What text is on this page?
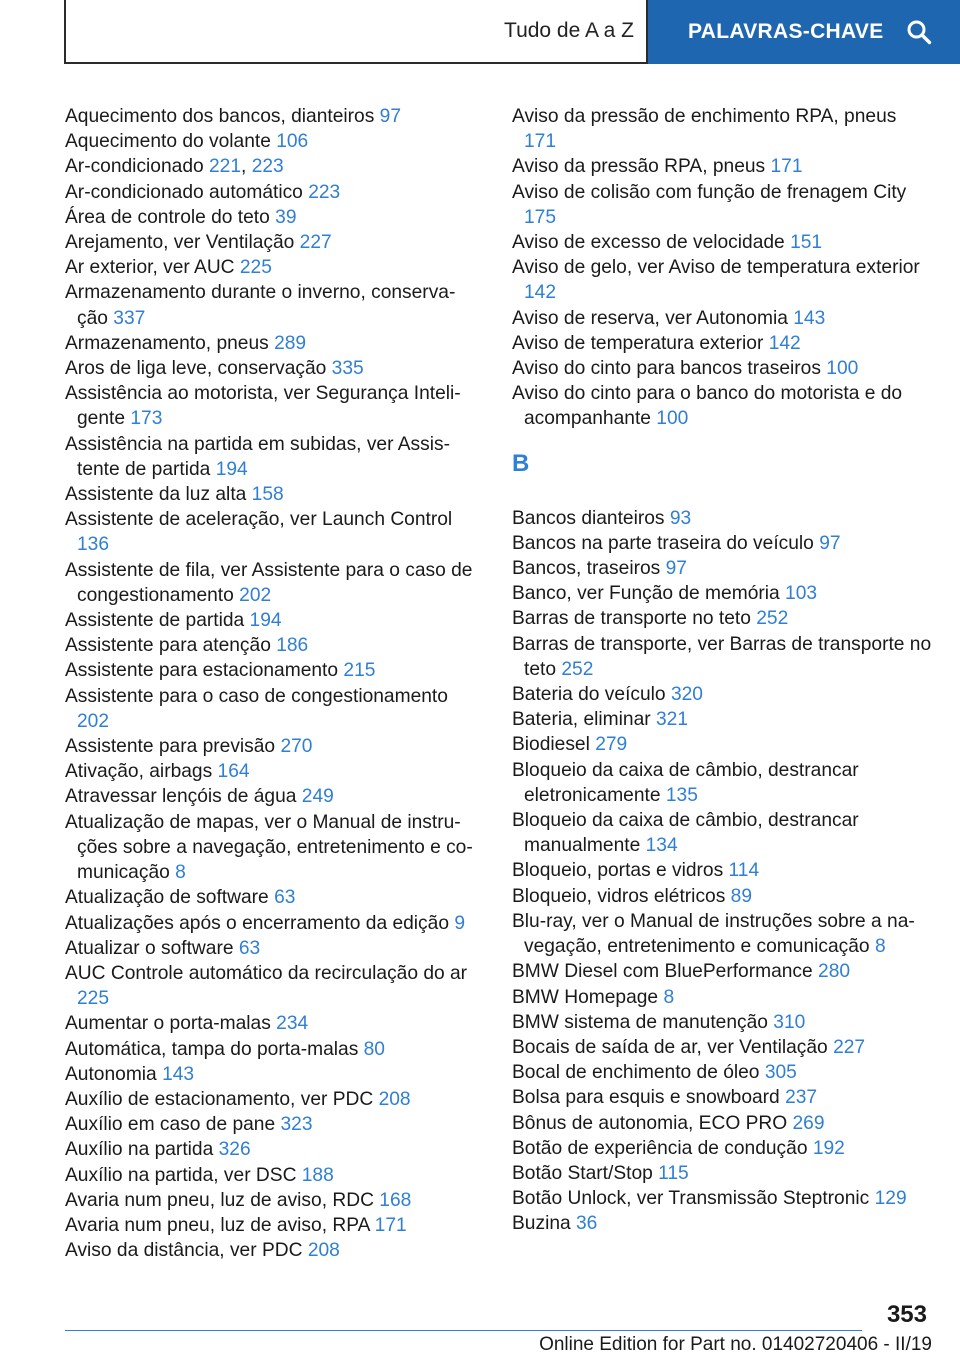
Tudo de A a Z	PALAVRAS-CHAVE
Aquecimento dos bancos, dianteiros 97
Aquecimento do volante 106
Ar-condicionado 221, 223
Ar-condicionado automático 223
Área de controle do teto 39
Arejamento, ver Ventilação 227
Ar exterior, ver AUC 225
Armazenamento durante o inverno, conservação 337
Armazenamento, pneus 289
Aros de liga leve, conservação 335
Assistência ao motorista, ver Segurança Inteligente 173
Assistência na partida em subidas, ver Assistente de partida 194
Assistente da luz alta 158
Assistente de aceleração, ver Launch Control 136
Assistente de fila, ver Assistente para o caso de congestionamento 202
Assistente de partida 194
Assistente para atenção 186
Assistente para estacionamento 215
Assistente para o caso de congestionamento 202
Assistente para previsão 270
Ativação, airbags 164
Atravessar lençóis de água 249
Atualização de mapas, ver o Manual de instruções sobre a navegação, entretenimento e comunicação 8
Atualização de software 63
Atualizações após o encerramento da edição 9
Atualizar o software 63
AUC Controle automático da recirculação do ar 225
Aumentar o porta-malas 234
Automática, tampa do porta-malas 80
Autonomia 143
Auxílio de estacionamento, ver PDC 208
Auxílio em caso de pane 323
Auxílio na partida 326
Auxílio na partida, ver DSC 188
Avaria num pneu, luz de aviso, RDC 168
Avaria num pneu, luz de aviso, RPA 171
Aviso da distância, ver PDC 208
Aviso da pressão de enchimento RPA, pneus 171
Aviso da pressão RPA, pneus 171
Aviso de colisão com função de frenagem City 175
Aviso de excesso de velocidade 151
Aviso de gelo, ver Aviso de temperatura exterior 142
Aviso de reserva, ver Autonomia 143
Aviso de temperatura exterior 142
Aviso do cinto para bancos traseiros 100
Aviso do cinto para o banco do motorista e do acompanhante 100
B
Bancos dianteiros 93
Bancos na parte traseira do veículo 97
Bancos, traseiros 97
Banco, ver Função de memória 103
Barras de transporte no teto 252
Barras de transporte, ver Barras de transporte no teto 252
Bateria do veículo 320
Bateria, eliminar 321
Biodiesel 279
Bloqueio da caixa de câmbio, destrancar eletronicamente 135
Bloqueio da caixa de câmbio, destrancar manualmente 134
Bloqueio, portas e vidros 114
Bloqueio, vidros elétricos 89
Blu-ray, ver o Manual de instruções sobre a navegação, entretenimento e comunicação 8
BMW Diesel com BluePerformance 280
BMW Homepage 8
BMW sistema de manutenção 310
Bocais de saída de ar, ver Ventilação 227
Bocal de enchimento de óleo 305
Bolsa para esquis e snowboard 237
Bônus de autonomia, ECO PRO 269
Botão de experiência de condução 192
Botão Start/Stop 115
Botão Unlock, ver Transmissão Steptronic 129
Buzina 36
353
Online Edition for Part no. 01402720406 - II/19
